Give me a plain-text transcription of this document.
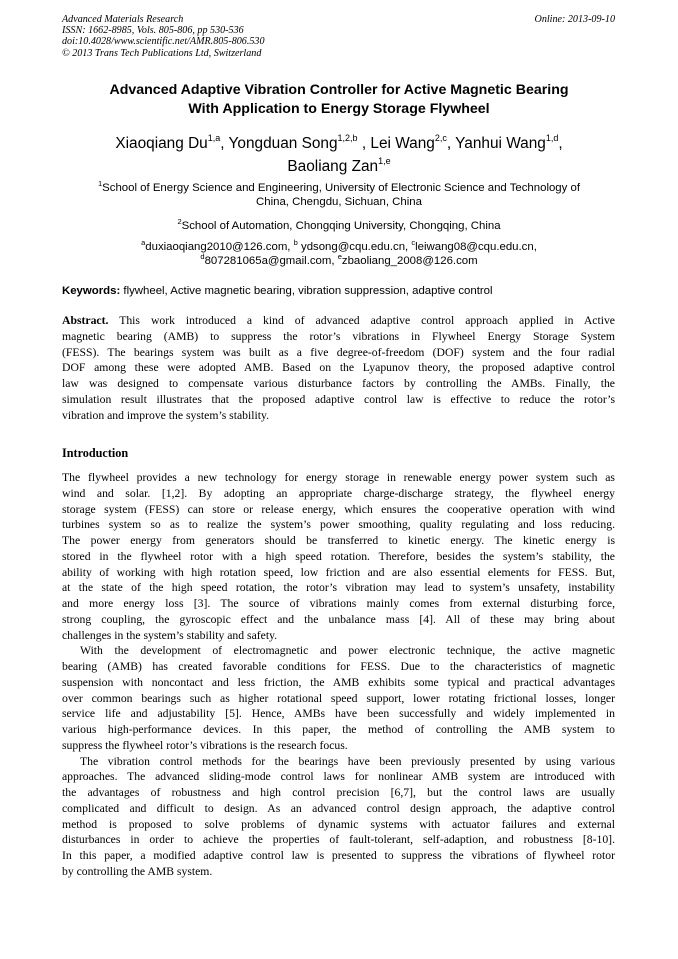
Advanced Materials Research
ISSN: 1662-8985, Vols. 805-806, pp 530-536
doi:10.4028/www.scientific.net/AMR.805-806.530
© 2013 Trans Tech Publications Ltd, Switzerland
Online: 2013-09-10
Advanced Adaptive Vibration Controller for Active Magnetic Bearing
With Application to Energy Storage Flywheel
Xiaoqiang Du$^{1,a}$, Yongduan Song$^{1,2,b}$ , Lei Wang$^{2,c}$, Yanhui Wang$^{1,d}$,
Baoliang Zan$^{1,e}$
$^1$School of Energy Science and Engineering, University of Electronic Science and Technology of
China, Chengdu, Sichuan, China
$^2$School of Automation, Chongqing University, Chongqing, China
$^a$duxiaoqiang2010@126.com, $^b$ ydsong@cqu.edu.cn, $^c$leiwang08@cqu.edu.cn,
$^d$807281065a@gmail.com, $^e$zbaoliang_2008@126.com
Keywords: flywheel, Active magnetic bearing, vibration suppression, adaptive control
Abstract. This work introduced a kind of advanced adaptive control approach applied in Active
magnetic bearing (AMB) to suppress the rotor’s vibrations in Flywheel Energy Storage System
(FESS). The bearings system was built as a five degree-of-freedom (DOF) system and the four radial
DOF among these were adopted AMB. Based on the Lyapunov theory, the proposed adaptive control
law was designed to compensate various disturbance factors by controlling the AMBs. Finally, the
simulation result illustrates that the proposed adaptive control law is effective to reduce the rotor’s
vibration and improve the system’s stability.
Introduction
The flywheel provides a new technology for energy storage in renewable energy power system such as
wind and solar. [1,2]. By adopting an appropriate charge-discharge strategy, the flywheel energy
storage system (FESS) can store or release energy, which ensures the cooperative operation with wind
turbines system so as to realize the system’s power smoothing, quality regulating and loss reducing.
The power energy from generators should be transferred to kinetic energy. The kinetic energy is
stored in the flywheel rotor with a high speed rotation. Therefore, besides the system’s stability, the
ability of working with high rotation speed, low friction and are also essential elements for FESS. But,
at the state of the high speed rotation, the rotor’s vibration may lead to system’s unsafety, instability
and more energy loss [3]. The source of vibrations mainly comes from external disturbing force,
strong coupling, the gyroscopic effect and the unbalance mass [4]. All of these may bring about
challenges in the system’s stability and safety.
With the development of electromagnetic and power electronic technique, the active magnetic
bearing (AMB) has created favorable conditions for FESS. Due to the characteristics of magnetic
suspension with noncontact and less friction, the AMB exhibits some typical and practical advantages
over common bearings such as higher rotational speed support, lower rotating frictional losses, longer
service life and adjustability [5]. Hence, AMBs have been successfully and widely implemented in
various high-performance devices. In this paper, the method of controlling the AMB system to
suppress the flywheel rotor’s vibrations is the research focus.
The vibration control methods for the bearings have been previously presented by using various
approaches. The advanced sliding-mode control laws for nonlinear AMB system are introduced with
the advantages of robustness and high control precision [6,7], but the control laws are usually
complicated and difficult to design. As an advanced control design approach, the adaptive control
method is proposed to solve problems of dynamic systems with actuator failures and external
disturbances in order to achieve the properties of fault-tolerant, self-adaption, and robustness [8-10].
In this paper, a modified adaptive control law is presented to suppress the vibrations of flywheel rotor
by controlling the AMB system.
